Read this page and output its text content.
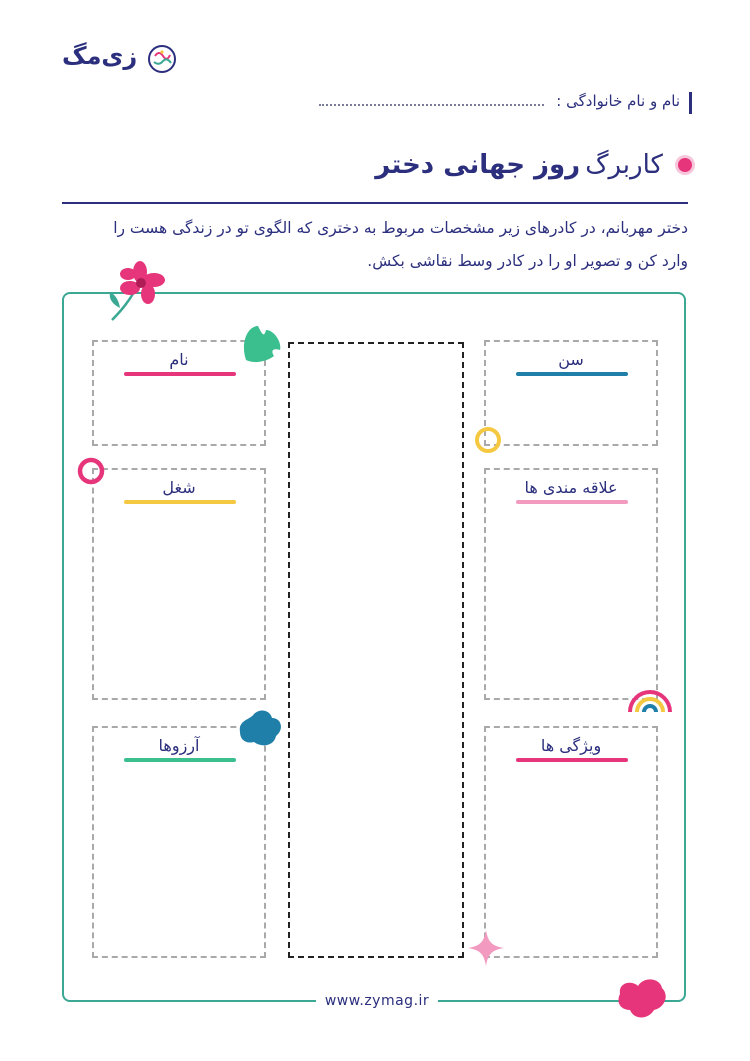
زی‌مگ
نام و نام خانوادگی :
کاربرگ روز جهانی دختر
دختر مهربانم، در کادرهای زیر مشخصات مربوط به دختری که الگوی تو در زندگی هست را
وارد کن و تصویر او را در کادر وسط نقاشی بکش.
نام
شغل
آرزوها
سن
علاقه مندی ها
ویژگی ها
www.zymag.ir
